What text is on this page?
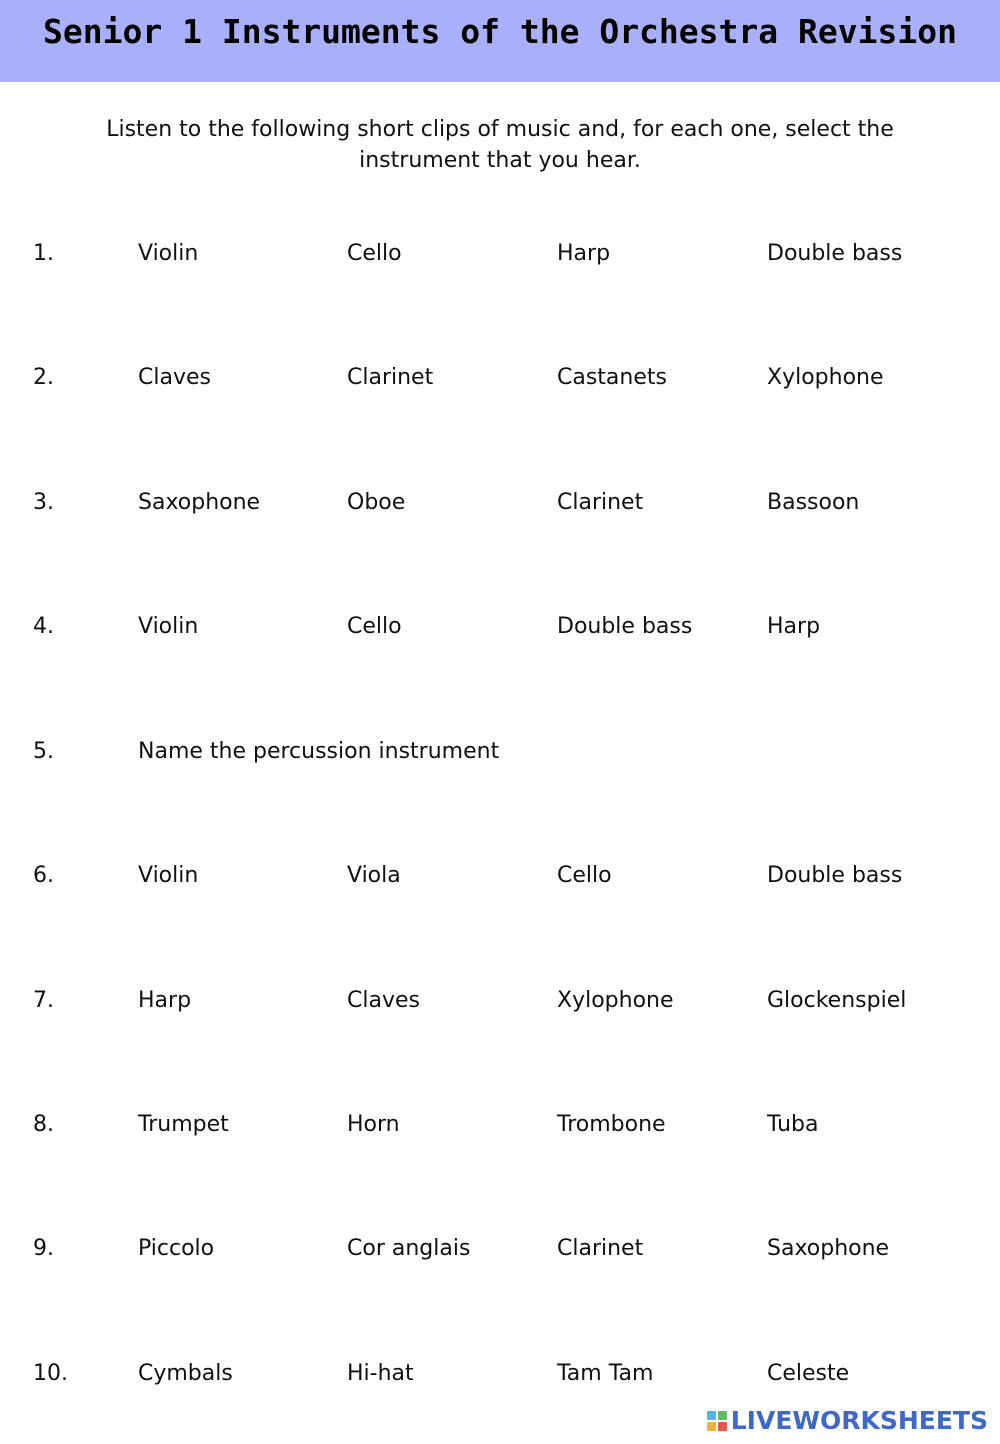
Senior 1 Instruments of the Orchestra Revision
Listen to the following short clips of music and, for each one, select the instrument that you hear.
1.	Violin	Cello	Harp	Double bass
2.	Claves	Clarinet	Castanets	Xylophone
3.	Saxophone	Oboe	Clarinet	Bassoon
4.	Violin	Cello	Double bass	Harp
5.	Name the percussion instrument
6.	Violin	Viola	Cello	Double bass
7.	Harp	Claves	Xylophone	Glockenspiel
8.	Trumpet	Horn	Trombone	Tuba
9.	Piccolo	Cor anglais	Clarinet	Saxophone
10.	Cymbals	Hi-hat	Tam Tam	Celeste
LIVEWORKSHEETS
